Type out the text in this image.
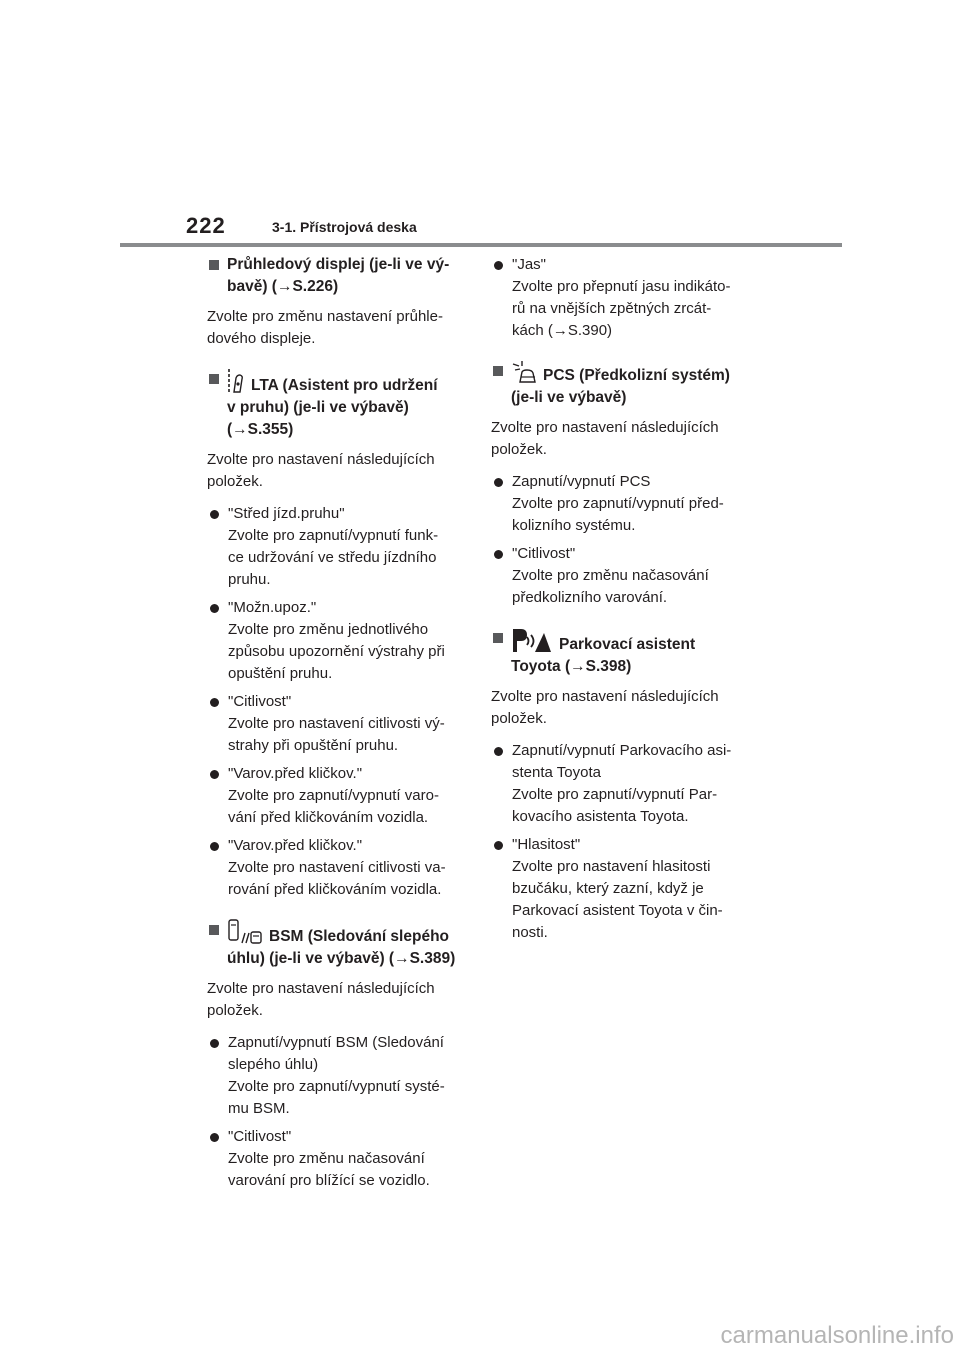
222	3-1. Přístrojová deska
Průhledový displej (je-li ve vý-
bavě) (→S.226)
Zvolte pro změnu nastavení průhle-
dového displeje.
LTA (Asistent pro udržení
v pruhu) (je-li ve výbavě)
(→S.355)
Zvolte pro nastavení následujících
položek.
"Střed jízd.pruhu"
Zvolte pro zapnutí/vypnutí funk-
ce udržování ve středu jízdního
pruhu.
"Možn.upoz."
Zvolte pro změnu jednotlivého
způsobu upozornění výstrahy při
opuštění pruhu.
"Citlivost"
Zvolte pro nastavení citlivosti vý-
strahy při opuštění pruhu.
"Varov.před kličkov."
Zvolte pro zapnutí/vypnutí varo-
vání před kličkováním vozidla.
"Varov.před kličkov."
Zvolte pro nastavení citlivosti va-
rování před kličkováním vozidla.
BSM (Sledování slepého
úhlu) (je-li ve výbavě) (→S.389)
Zvolte pro nastavení následujících
položek.
Zapnutí/vypnutí BSM (Sledování
slepého úhlu)
Zvolte pro zapnutí/vypnutí systé-
mu BSM.
"Citlivost"
Zvolte pro změnu načasování
varování pro blížící se vozidlo.
"Jas"
Zvolte pro přepnutí jasu indikáto-
rů na vnějších zpětných zrcát-
kách (→S.390)
PCS (Předkolizní systém)
(je-li ve výbavě)
Zvolte pro nastavení následujících
položek.
Zapnutí/vypnutí PCS
Zvolte pro zapnutí/vypnutí před-
kolizního systému.
"Citlivost"
Zvolte pro změnu načasování
předkolizního varování.
Parkovací asistent
Toyota (→S.398)
Zvolte pro nastavení následujících
položek.
Zapnutí/vypnutí Parkovacího asi-
stenta Toyota
Zvolte pro zapnutí/vypnutí Par-
kovacího asistenta Toyota.
"Hlasitost"
Zvolte pro nastavení hlasitosti
bzučáku, který zazní, když je
Parkovací asistent Toyota v čin-
nosti.
carmanualsonline.info
